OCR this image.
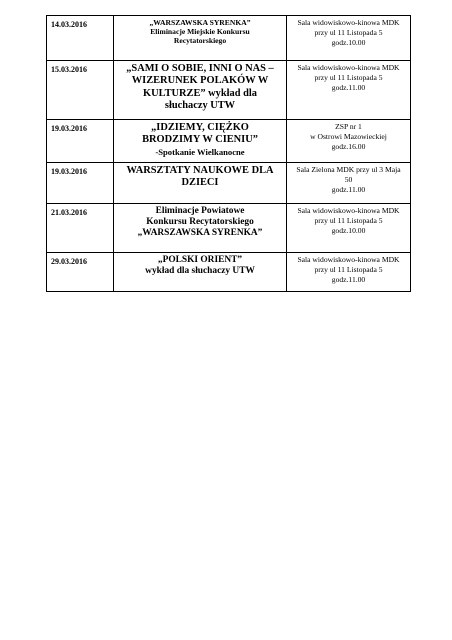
14.03.2016	„WARSZAWSKA SYRENKA”
Eliminacje Miejskie Konkursu
Recytatorskiego	Sala widowiskowo-kinowa MDK
przy ul 11 Listopada 5
godz.10.00

15.03.2016	„SAMI O SOBIE, INNI O NAS –
WIZERUNEK POLAKÓW W
KULTURZE” wykład dla
słuchaczy UTW	Sala widowiskowo-kinowa MDK
przy ul 11 Listopada 5
godz.11.00

19.03.2016	„IDZIEMY, CIĘŻKO
BRODZIMY W CIENIU”
-Spotkanie Wielkanocne	ZSP nr 1
w Ostrowi Mazowieckiej
godz.16.00

19.03.2016	WARSZTATY NAUKOWE DLA
DZIECI	Sala Zielona MDK przy ul 3 Maja
50
godz.11.00

21.03.2016	Eliminacje Powiatowe
Konkursu Recytatorskiego
„WARSZAWSKA SYRENKA”	Sala widowiskowo-kinowa MDK
przy ul 11 Listopada 5
godz.10.00

29.03.2016	„POLSKI ORIENT”
wykład dla słuchaczy UTW	Sala widowiskowo-kinowa MDK
przy ul 11 Listopada 5
godz.11.00
